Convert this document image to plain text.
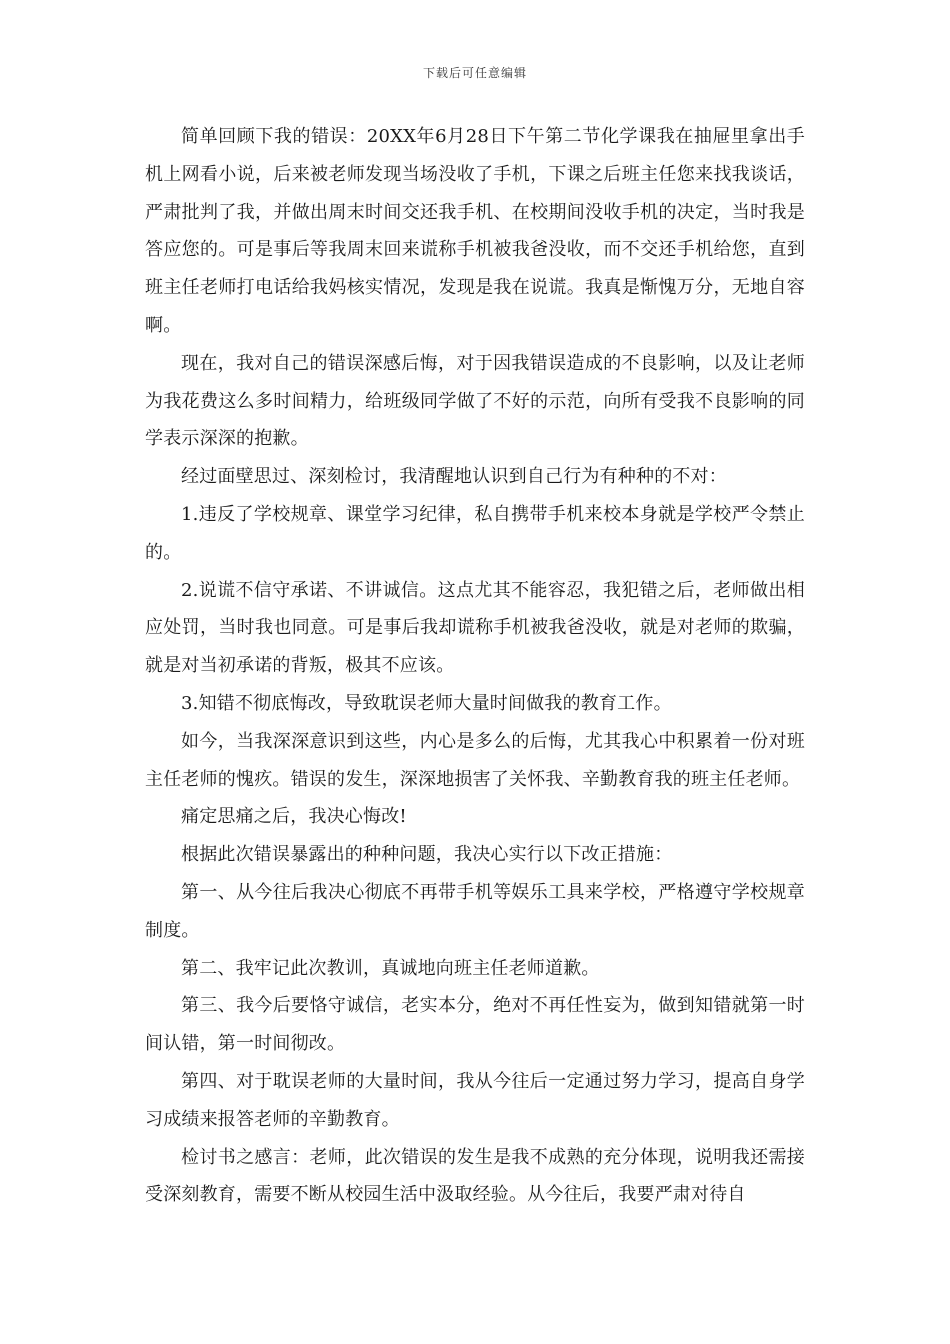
下载后可任意编辑

简单回顾下我的错误：20XX年6月28日下午第二节化学课我在抽屉里拿出手机上网看小说，后来被老师发现当场没收了手机，下课之后班主任您来找我谈话，严肃批判了我，并做出周末时间交还我手机、在校期间没收手机的决定，当时我是答应您的。可是事后等我周末回来谎称手机被我爸没收，而不交还手机给您，直到班主任老师打电话给我妈核实情况，发现是我在说谎。我真是惭愧万分，无地自容啊。

现在，我对自己的错误深感后悔，对于因我错误造成的不良影响，以及让老师为我花费这么多时间精力，给班级同学做了不好的示范，向所有受我不良影响的同学表示深深的抱歉。

经过面壁思过、深刻检讨，我清醒地认识到自己行为有种种的不对：

1.违反了学校规章、课堂学习纪律，私自携带手机来校本身就是学校严令禁止的。

2.说谎不信守承诺、不讲诚信。这点尤其不能容忍，我犯错之后，老师做出相应处罚，当时我也同意。可是事后我却谎称手机被我爸没收，就是对老师的欺骗，就是对当初承诺的背叛，极其不应该。

3.知错不彻底悔改，导致耽误老师大量时间做我的教育工作。

如今，当我深深意识到这些，内心是多么的后悔，尤其我心中积累着一份对班主任老师的愧疚。错误的发生，深深地损害了关怀我、辛勤教育我的班主任老师。

痛定思痛之后，我决心悔改!

根据此次错误暴露出的种种问题，我决心实行以下改正措施：

第一、从今往后我决心彻底不再带手机等娱乐工具来学校，严格遵守学校规章制度。

第二、我牢记此次教训，真诚地向班主任老师道歉。

第三、我今后要恪守诚信，老实本分，绝对不再任性妄为，做到知错就第一时间认错，第一时间彻改。

第四、对于耽误老师的大量时间，我从今往后一定通过努力学习，提高自身学习成绩来报答老师的辛勤教育。

检讨书之感言：老师，此次错误的发生是我不成熟的充分体现，说明我还需接受深刻教育，需要不断从校园生活中汲取经验。从今往后，我要严肃对待自
